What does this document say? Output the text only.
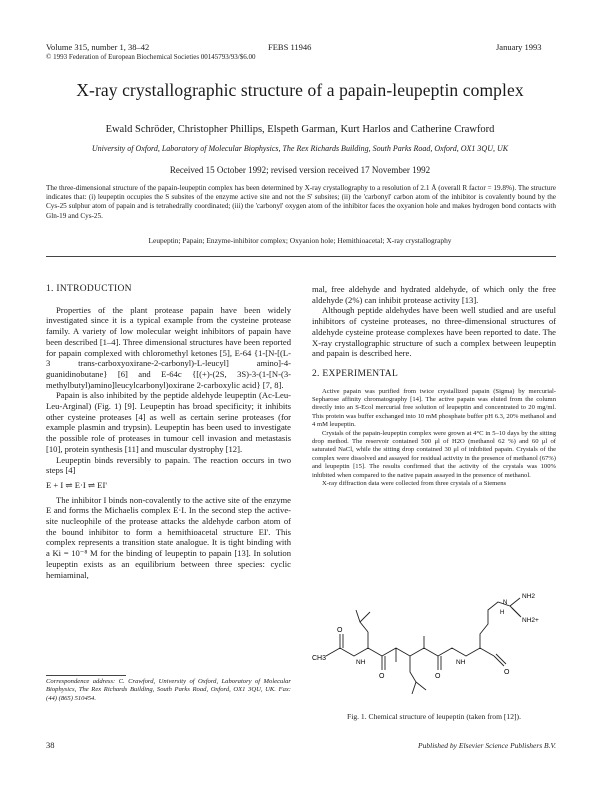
Volume 315, number 1, 38–42	FEBS 11946	January 1993
© 1993 Federation of European Biochemical Societies 00145793/93/$6.00
X-ray crystallographic structure of a papain-leupeptin complex
Ewald Schröder, Christopher Phillips, Elspeth Garman, Kurt Harlos and Catherine Crawford
University of Oxford, Laboratory of Molecular Biophysics, The Rex Richards Building, South Parks Road, Oxford, OX1 3QU, UK
Received 15 October 1992; revised version received 17 November 1992
The three-dimensional structure of the papain-leupeptin complex has been determined by X-ray crystallography to a resolution of 2.1 Å (overall R factor = 19.8%). The structure indicates that: (i) leupeptin occupies the S subsites of the enzyme active site and not the S' subsites; (ii) the 'carbonyl' carbon atom of the inhibitor is covalently bound by the Cys-25 sulphur atom of papain and is tetrahedrally coordinated; (iii) the 'carbonyl' oxygen atom of the inhibitor faces the oxyanion hole and makes hydrogen bond contacts with Gln-19 and Cys-25.
Leupeptin; Papain; Enzyme-inhibitor complex; Oxyanion hole; Hemithioacetal; X-ray crystallography
1. INTRODUCTION

Properties of the plant protease papain have been widely investigated since it is a typical example from the cysteine protease family. A variety of low molecular weight inhibitors of papain have been described [1–4]. Three dimensional structures have been reported for papain complexed with chloromethyl ketones [5], E-64 {1-[N-[(L-3 trans-carboxyoxirane-2-carbonyl)-L-leucyl] amino]-4-guanidinobutane} [6] and E-64c {[(+)-(2S, 3S)-3-(1-[N-(3-methylbutyl)amino]leucylcarbonyl)oxirane 2-carboxylic acid} [7, 8].

Papain is also inhibited by the peptide aldehyde leupeptin (Ac-Leu-Leu-Arginal) (Fig. 1) [9]. Leupeptin has broad specificity; it inhibits other cysteine proteases [4] as well as certain serine proteases (for example plasmin and trypsin). Leupeptin has been used to investigate the possible role of proteases in tumour cell invasion and metastasis [10], protein synthesis [11] and muscular dystrophy [12].

Leupeptin binds reversibly to papain. The reaction occurs in two steps [4]

E + I ⇌ E·I ⇌ EI'

The inhibitor I binds non-covalently to the active site of the enzyme E and forms the Michaelis complex E·I. In the second step the active-site nucleophile of the protease attacks the aldehyde carbon atom of the bound inhibitor to form a hemithioacetal structure EI'. This complex represents a transition state analogue. It is tight binding with a Ki = 10⁻⁸ M for the binding of leupeptin to papain [13]. In solution leupeptin exists as an equilibrium between three species: cyclic hemiaminal,

Correspondence address: C. Crawford, University of Oxford, Laboratory of Molecular Biophysics, The Rex Richards Building, South Parks Road, Oxford, OX1 3QU, UK. Fax: (44) (865) 510454.

mal, free aldehyde and hydrated aldehyde, of which only the free aldehyde (2%) can inhibit protease activity [13].

Although peptide aldehydes have been well studied and are useful inhibitors of cysteine proteases, no three-dimensional structures of aldehyde cysteine protease complexes have been reported to date. The X-ray crystallographic structure of such a complex between leupeptin and papain is described here.

2. EXPERIMENTAL

Active papain was purified from twice crystallized papain (Sigma) by mercurial-Sepharose affinity chromatography [14]. The active papain was eluted from the column directly into an S-Ecol mercurial free solution of leupeptin and concentrated to 20 mg/ml. This protein was buffer exchanged into 10 mM phosphate buffer pH 6.3, 20% methanol and 4 mM leupeptin.

Crystals of the papain-leupeptin complex were grown at 4°C in 5–10 days by the sitting drop method. The reservoir contained 500 μl of H2O (methanol 62 %) and 60 μl of saturated NaCl, while the sitting drop contained 30 μl of inhibited papain. Crystals of the complex were dissolved and assayed for residual activity in the presence of methanol (67%) and leupeptin [15]. The results confirmed that the activity of the crystals was 100% inhibited when compared to the native papain assayed in the presence of methanol.

X-ray diffraction data were collected from three crystals of a Siemens

CH3
O
O	O
NH	NH
N
H
NH2
NH2+
O
Fig. 1. Chemical structure of leupeptin (taken from [12]).
38	Published by Elsevier Science Publishers B.V.
